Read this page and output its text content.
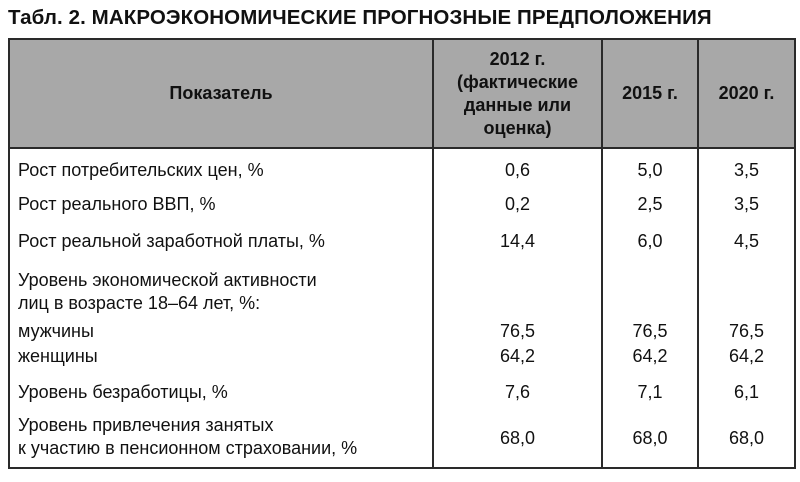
Табл. 2. МАКРОЭКОНОМИЧЕСКИЕ ПРОГНОЗНЫЕ ПРЕДПОЛОЖЕНИЯ
Показатель	2012 г.
(фактические
данные или
оценка)	2015 г.	2020 г.
Рост потребительских цен, %	0,6	5,0	3,5
Рост реального ВВП, %	0,2	2,5	3,5
Рост реальной заработной платы, %	14,4	6,0	4,5

Уровень экономической активности
лиц в возрасте 18–64 лет, %:			

мужчины	76,5	76,5	76,5
женщины	64,2	64,2	64,2
Уровень безработицы, %	7,6	7,1	6,1

Уровень привлечения занятых
к участию в пенсионном страховании, %	68,0	68,0	68,0
